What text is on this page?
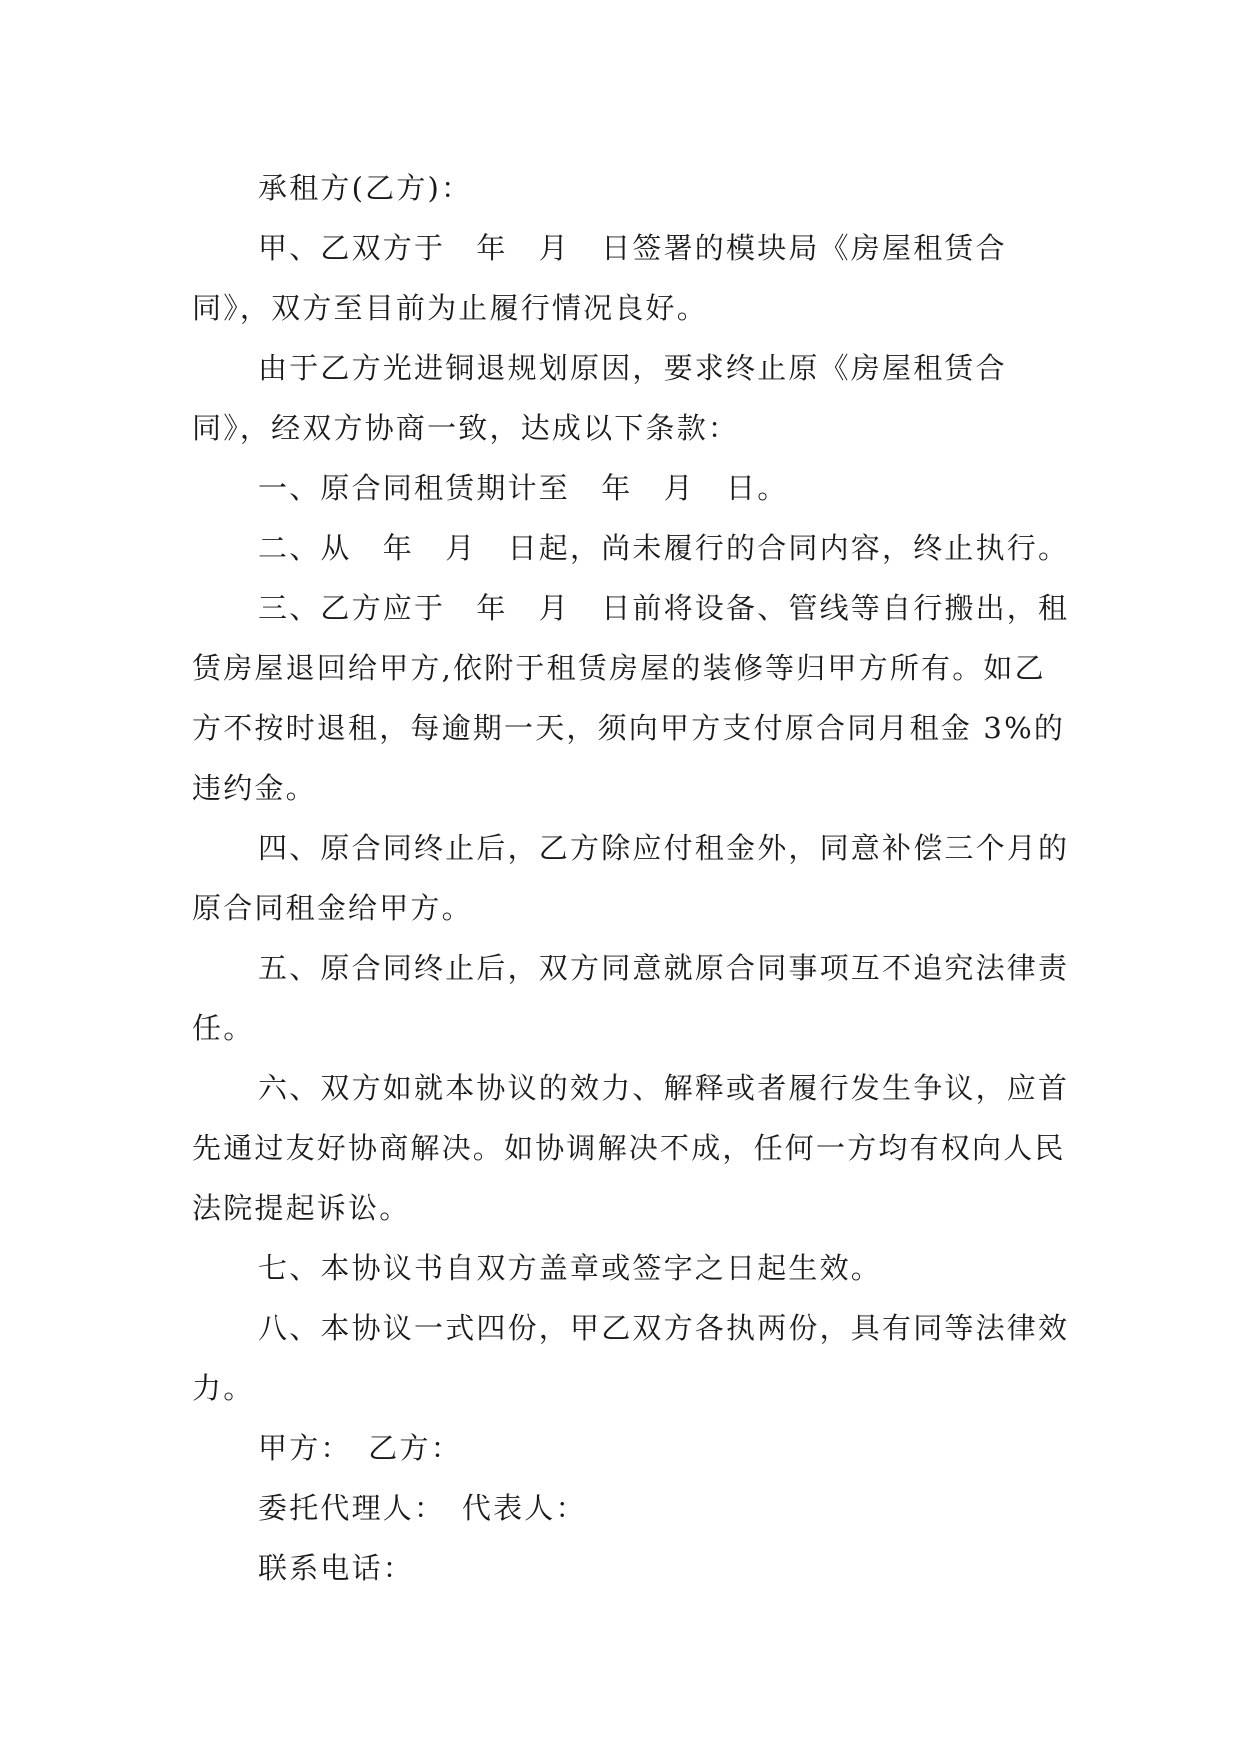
承租方(乙方)：

甲、乙双方于　年　月　日签署的模块局《房屋租赁合同》，双方至目前为止履行情况良好。

由于乙方光进铜退规划原因，要求终止原《房屋租赁合同》，经双方协商一致，达成以下条款：

一、原合同租赁期计至　年　月　日。

二、从　年　月　日起，尚未履行的合同内容，终止执行。

三、乙方应于　年　月　日前将设备、管线等自行搬出，租赁房屋退回给甲方,依附于租赁房屋的装修等归甲方所有。如乙方不按时退租，每逾期一天，须向甲方支付原合同月租金 3%的违约金。

四、原合同终止后，乙方除应付租金外，同意补偿三个月的原合同租金给甲方。

五、原合同终止后，双方同意就原合同事项互不追究法律责任。

六、双方如就本协议的效力、解释或者履行发生争议，应首先通过友好协商解决。如协调解决不成，任何一方均有权向人民法院提起诉讼。

七、本协议书自双方盖章或签字之日起生效。

八、本协议一式四份，甲乙双方各执两份，具有同等法律效力。

甲方：　乙方：

委托代理人：　代表人：

联系电话：
